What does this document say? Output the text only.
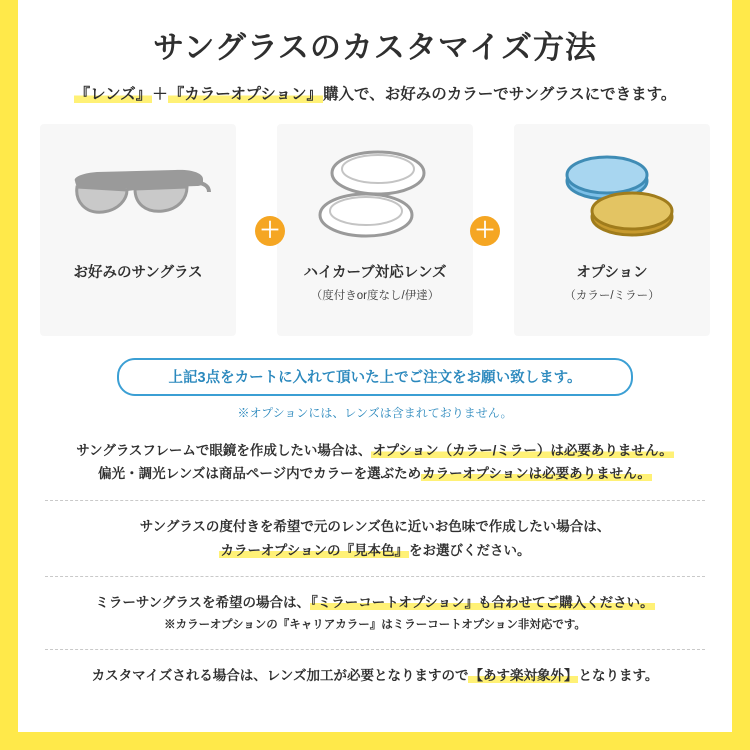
サングラスのカスタマイズ方法
『レンズ』＋『カラーオプション』購入で、お好みのカラーでサングラスにできます。
お好みのサングラス	ハイカーブ対応レンズ
（度付きor度なし/伊達）
オプション
（カラー/ミラー）
＋	＋
上記3点をカートに入れて頂いた上でご注文をお願い致します。
※オプションには、レンズは含まれておりません。
サングラスフレームで眼鏡を作成したい場合は、オプション（カラー/ミラー）は必要ありません。
偏光・調光レンズは商品ページ内でカラーを選ぶためカラーオプションは必要ありません。
サングラスの度付きを希望で元のレンズ色に近いお色味で作成したい場合は、
カラーオプションの『見本色』をお選びください。
ミラーサングラスを希望の場合は、『ミラーコートオプション』も合わせてご購入ください。
※カラーオプションの『キャリアカラー』はミラーコートオプション非対応です。
カスタマイズされる場合は、レンズ加工が必要となりますので【あす楽対象外】となります。
